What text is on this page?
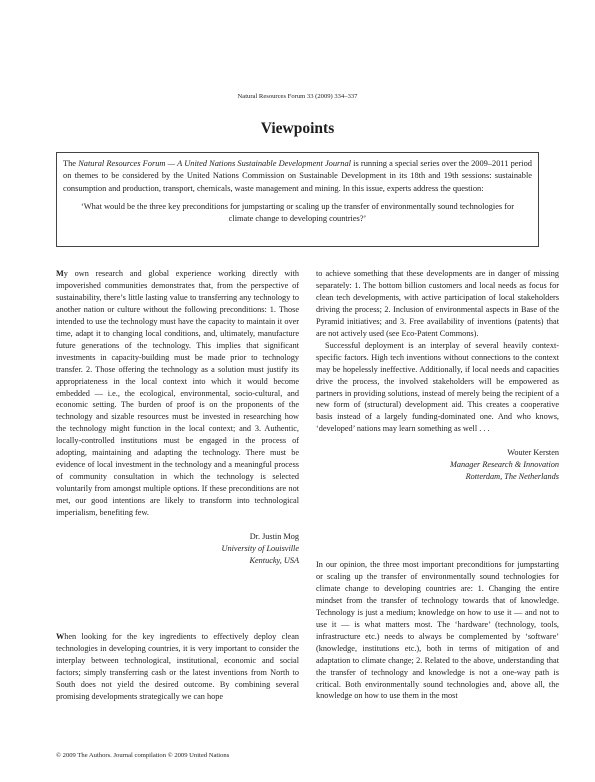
Natural Resources Forum 33 (2009) 334–337
Viewpoints

The Natural Resources Forum — A United Nations Sustainable Development Journal is running a special series over the 2009–2011 period on themes to be considered by the United Nations Commission on Sustainable Development in its 18th and 19th sessions: sustainable consumption and production, transport, chemicals, waste management and mining. In this issue, experts address the question:

‘What would be the three key preconditions for jumpstarting or scaling up the transfer of environmentally sound technologies for climate change to developing countries?’

My own research and global experience working directly with impoverished communities demonstrates that, from the perspective of sustainability, there’s little lasting value to transferring any technology to another nation or culture without the following preconditions: 1. Those intended to use the technology must have the capacity to maintain it over time, adapt it to changing local conditions, and, ultimately, manufacture future generations of the technology. This implies that significant investments in capacity-building must be made prior to technology transfer. 2. Those offering the technology as a solution must justify its appropriateness in the local context into which it would become embedded — i.e., the ecological, environmental, socio-cultural, and economic setting. The burden of proof is on the proponents of the technology and sizable resources must be invested in researching how the technology might function in the local context; and 3. Authentic, locally-controlled institutions must be engaged in the process of adopting, maintaining and adapting the technology. There must be evidence of local investment in the technology and a meaningful process of community consultation in which the technology is selected voluntarily from amongst multiple options. If these preconditions are not met, our good intentions are likely to transform into technological imperialism, benefiting few.

Dr. Justin Mog
University of Louisville
Kentucky, USA

When looking for the key ingredients to effectively deploy clean technologies in developing countries, it is very important to consider the interplay between technological, institutional, economic and social factors; simply transferring cash or the latest inventions from North to South does not yield the desired outcome. By combining several promising developments strategically we can hope

to achieve something that these developments are in danger of missing separately: 1. The bottom billion customers and local needs as focus for clean tech developments, with active participation of local stakeholders driving the process; 2. Inclusion of environmental aspects in Base of the Pyramid initiatives; and 3. Free availability of inventions (patents) that are not actively used (see Eco-Patent Commons).

Successful deployment is an interplay of several heavily context-specific factors. High tech inventions without connections to the context may be hopelessly ineffective. Additionally, if local needs and capacities drive the process, the involved stakeholders will be empowered as partners in providing solutions, instead of merely being the recipient of a new form of (structural) development aid. This creates a cooperative basis instead of a largely funding-dominated one. And who knows, ‘developed’ nations may learn something as well . . .

Wouter Kersten
Manager Research & Innovation
Rotterdam, The Netherlands

In our opinion, the three most important preconditions for jumpstarting or scaling up the transfer of environmentally sound technologies for climate change to developing countries are: 1. Changing the entire mindset from the transfer of technology towards that of knowledge. Technology is just a medium; knowledge on how to use it — and not to use it — is what matters most. The ‘hardware’ (technology, tools, infrastructure etc.) needs to always be complemented by ‘software’ (knowledge, institutions etc.), both in terms of mitigation of and adaptation to climate change; 2. Related to the above, understanding that the transfer of technology and knowledge is not a one-way path is critical. Both environmentally sound technologies and, above all, the knowledge on how to use them in the most

© 2009 The Authors. Journal compilation © 2009 United Nations
